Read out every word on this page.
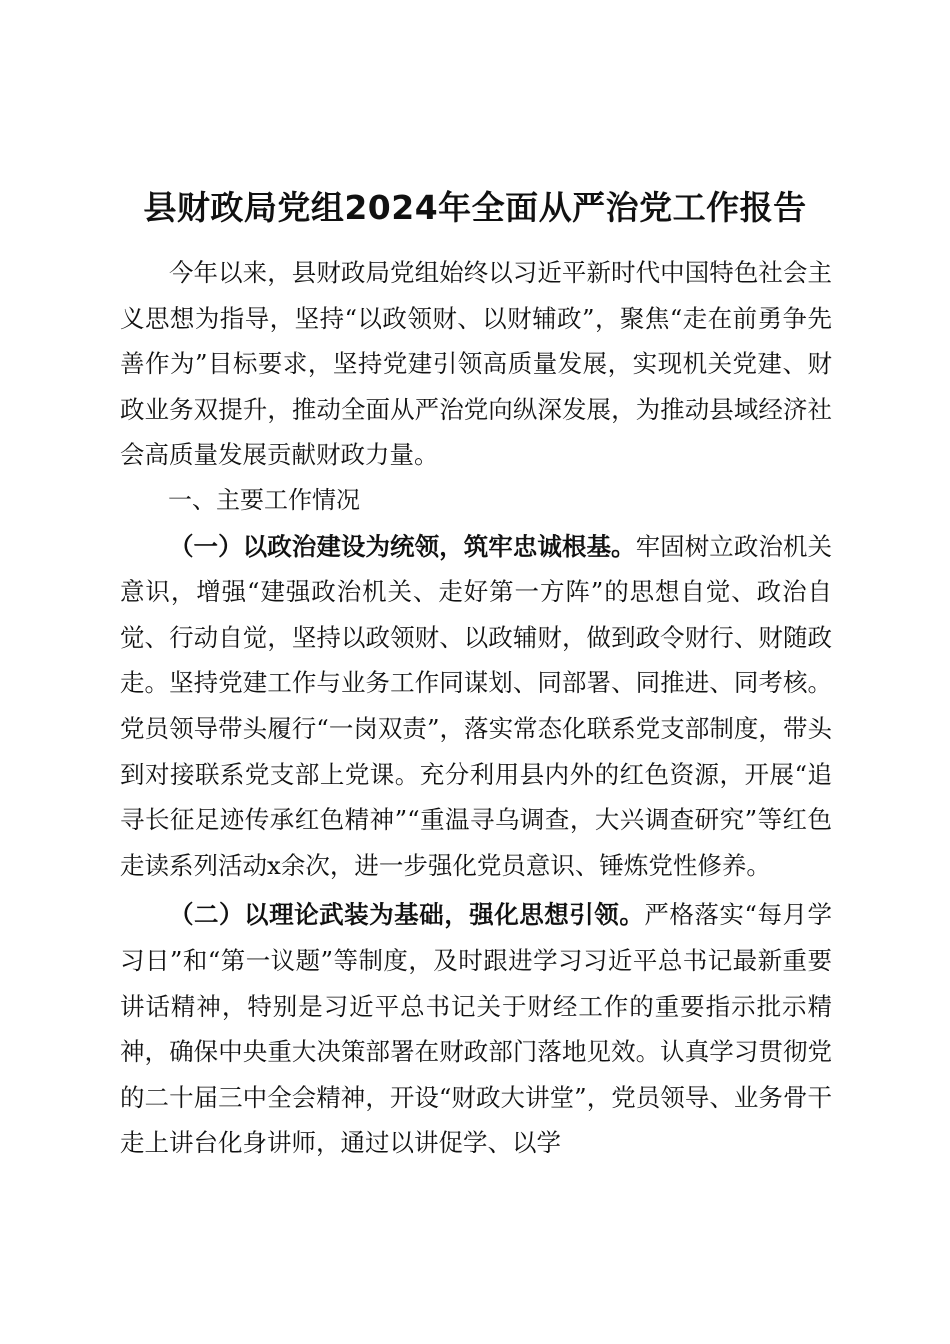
县财政局党组2024年全面从严治党工作报告

今年以来，县财政局党组始终以习近平新时代中国特色社会主义思想为指导，坚持“以政领财、以财辅政”，聚焦“走在前勇争先善作为”目标要求，坚持党建引领高质量发展，实现机关党建、财政业务双提升，推动全面从严治党向纵深发展，为推动县域经济社会高质量发展贡献财政力量。

一、主要工作情况

（一）以政治建设为统领，筑牢忠诚根基。牢固树立政治机关意识，增强“建强政治机关、走好第一方阵”的思想自觉、政治自觉、行动自觉，坚持以政领财、以政辅财，做到政令财行、财随政走。坚持党建工作与业务工作同谋划、同部署、同推进、同考核。党员领导带头履行“一岗双责”，落实常态化联系党支部制度，带头到对接联系党支部上党课。充分利用县内外的红色资源，开展“追寻长征足迹传承红色精神”“重温寻乌调查，大兴调查研究”等红色走读系列活动x余次，进一步强化党员意识、锤炼党性修养。

（二）以理论武装为基础，强化思想引领。严格落实“每月学习日”和“第一议题”等制度，及时跟进学习习近平总书记最新重要讲话精神，特别是习近平总书记关于财经工作的重要指示批示精神，确保中央重大决策部署在财政部门落地见效。认真学习贯彻党的二十届三中全会精神，开设“财政大讲堂”，党员领导、业务骨干走上讲台化身讲师，通过以讲促学、以学
